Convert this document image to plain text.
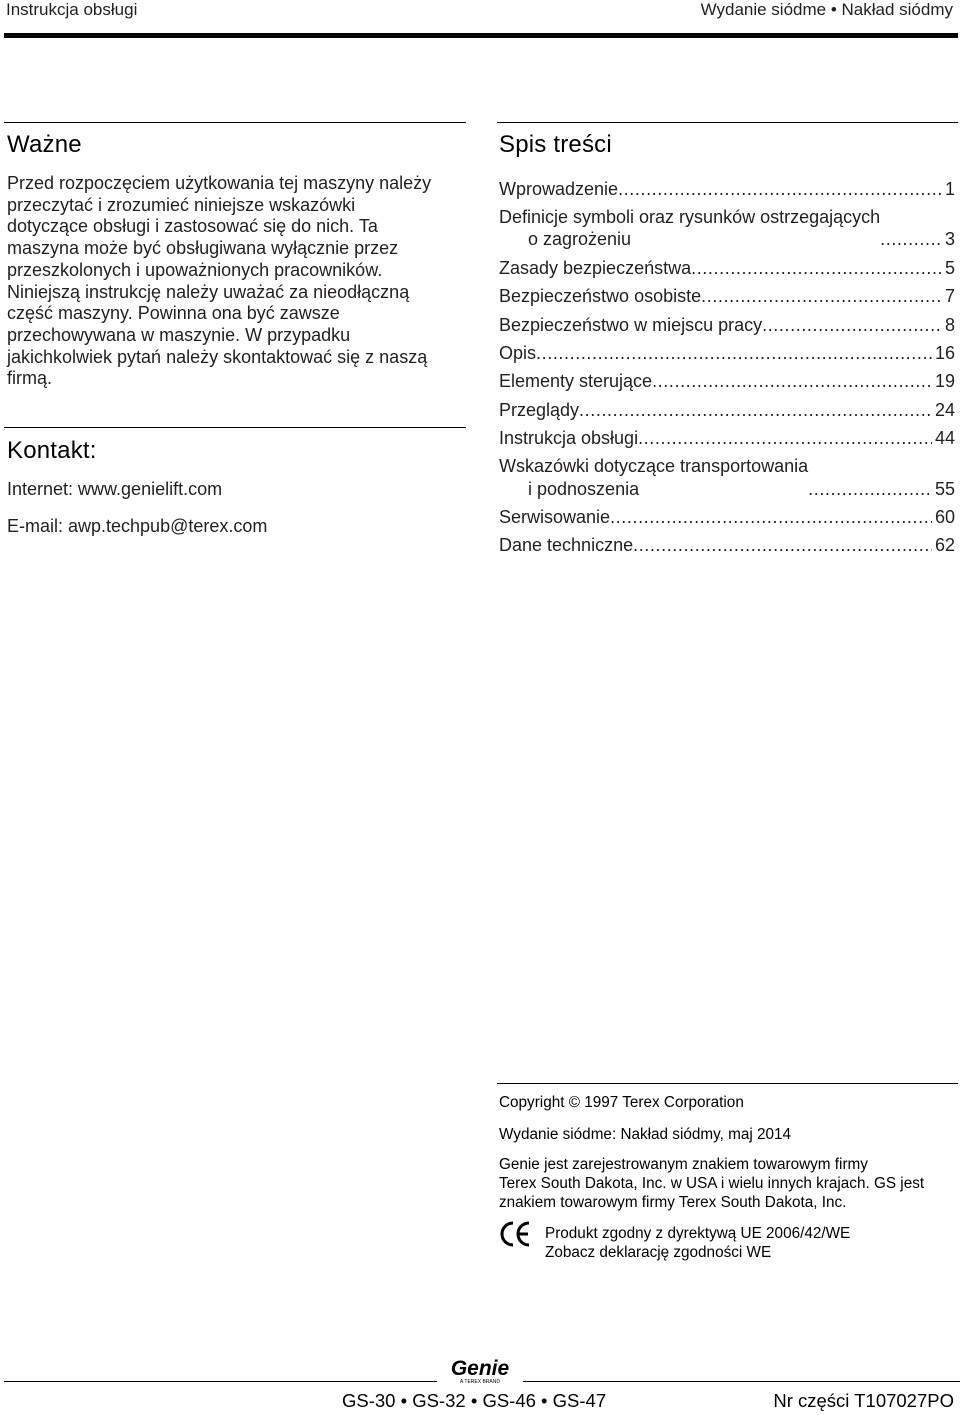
Instrukcja obsługi	Wydanie siódme • Nakład siódmy
Ważne
Przed rozpoczęciem użytkowania tej maszyny należy
przeczytać i zrozumieć niniejsze wskazówki
dotyczące obsługi i zastosować się do nich. Ta
maszyna może być obsługiwana wyłącznie przez
przeszkolonych i upoważnionych pracowników.
Niniejszą instrukcję należy uważać za nieodłączną
część maszyny. Powinna ona być zawsze
przechowywana w maszynie. W przypadku
jakichkolwiek pytań należy skontaktować się z naszą
firmą.
Kontakt:
Internet: www.genielift.com
E-mail: awp.techpub@terex.com
Spis treści
Wprowadzenie .....	1
Definicje symboli oraz rysunków ostrzegających
o zagrożeniu .....	3
Zasady bezpieczeństwa .....	5
Bezpieczeństwo osobiste .....	7
Bezpieczeństwo w miejscu pracy .....	8
Opis .....	16
Elementy sterujące .....	19
Przeglądy .....	24
Instrukcja obsługi .....	44
Wskazówki dotyczące transportowania
i podnoszenia .....	55
Serwisowanie .....	60
Dane techniczne .....	62
Copyright © 1997 Terex Corporation
Wydanie siódme: Nakład siódmy, maj 2014
Genie jest zarejestrowanym znakiem towarowym firmy
Terex South Dakota, Inc. w USA i wielu innych krajach. GS jest
znakiem towarowym firmy Terex South Dakota, Inc.
Produkt zgodny z dyrektywą UE 2006/42/WE
Zobacz deklarację zgodności WE
Genie
A TEREX BRAND
GS-30 • GS-32 • GS-46 • GS-47	Nr części T107027PO
